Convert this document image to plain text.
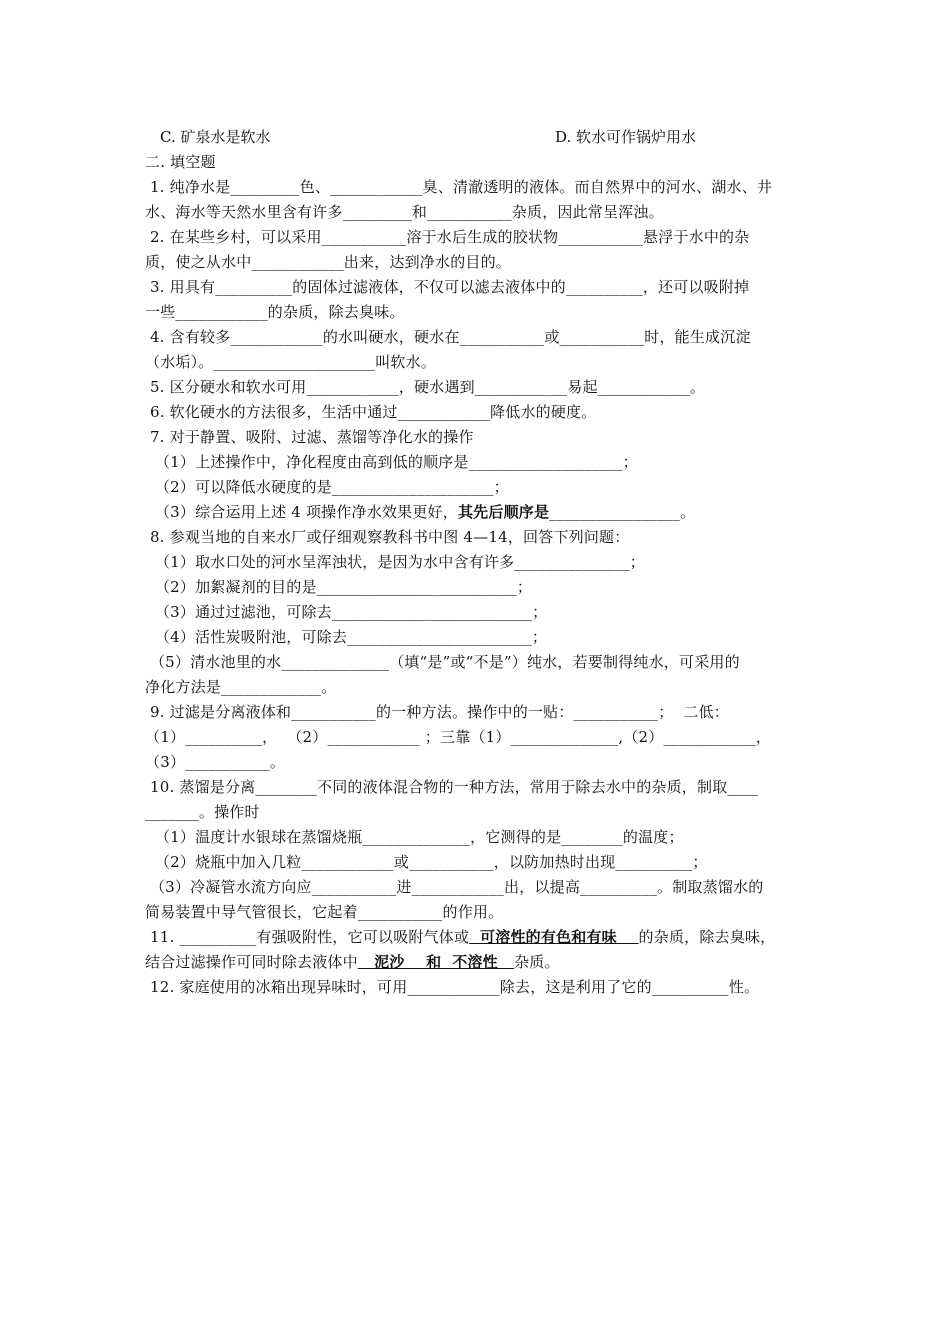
C. 矿泉水是软水	D. 软水可作锅炉用水
二. 填空题
1. 纯净水是_________色、____________臭、清澈透明的液体。而自然界中的河水、湖水、井
水、海水等天然水里含有许多_________和___________杂质，因此常呈浑浊。
2. 在某些乡村，可以采用___________溶于水后生成的胶状物___________悬浮于水中的杂
质，使之从水中____________出来，达到净水的目的。
3. 用具有__________的固体过滤液体，不仅可以滤去液体中的__________，还可以吸附掉
一些____________的杂质，除去臭味。
4. 含有较多____________的水叫硬水，硬水在___________或___________时，能生成沉淀
（水垢）。_____________________叫软水。
5. 区分硬水和软水可用____________，硬水遇到____________易起____________。
6. 软化硬水的方法很多，生活中通过____________降低水的硬度。
7. 对于静置、吸附、过滤、蒸馏等净化水的操作
（1）上述操作中，净化程度由高到低的顺序是____________________；
（2）可以降低水硬度的是_____________________；
（3）综合运用上述 4 项操作净水效果更好，其先后顺序是_________________。
8. 参观当地的自来水厂或仔细观察教科书中图 4—14，回答下列问题：
（1）取水口处的河水呈浑浊状，是因为水中含有许多_______________；
（2）加絮凝剂的目的是__________________________；
（3）通过过滤池，可除去__________________________；
（4）活性炭吸附池，可除去________________________；
（5）清水池里的水______________（填“是”或“不是”）纯水，若要制得纯水，可采用的
净化方法是_____________。
9. 过滤是分离液体和___________的一种方法。操作中的一贴：___________；  二低：
（1）__________，  （2）____________ ；三靠（1）______________,（2）____________，
（3）___________。
10. 蒸馏是分离________不同的液体混合物的一种方法，常用于除去水中的杂质，制取____
_______。操作时
（1）温度计水银球在蒸馏烧瓶______________，它测得的是________的温度；
（2）烧瓶中加入几粒____________或___________，以防加热时出现__________；
（3）冷凝管水流方向应___________进____________出，以提高__________。制取蒸馏水的
简易装置中导气管很长，它起着___________的作用。
11. __________有强吸附性，它可以吸附气体或  可溶性的有色和有味    的杂质，除去臭味，
结合过滤操作可同时除去液体中   泥沙    和  不溶性   杂质。
12. 家庭使用的冰箱出现异味时，可用____________除去，这是利用了它的__________性。
